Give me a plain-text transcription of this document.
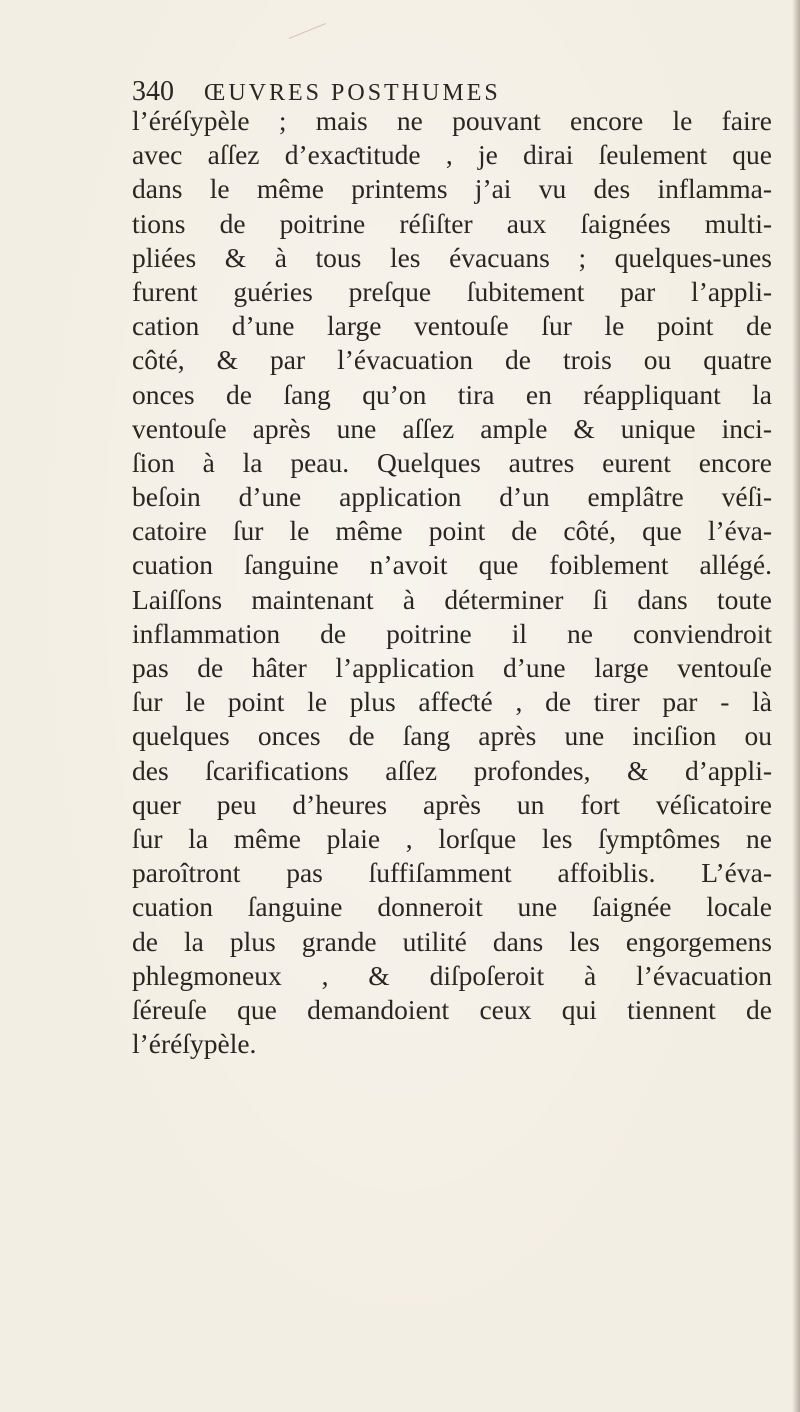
340 ŒUVRES POSTHUMES
l’éréſypèle ; mais ne pouvant encore le faire
avec aſſez d’exaƈtitude , je dirai ſeulement que
dans le même printems j’ai vu des inflamma-
tions de poitrine réſiſter aux ſaignées multi-
pliées & à tous les évacuans ; quelques-unes
furent guéries preſque ſubitement par l’appli-
cation d’une large ventouſe ſur le point de
côté, & par l’évacuation de trois ou quatre
onces de ſang qu’on tira en réappliquant la
ventouſe après une aſſez ample & unique inci-
ſion à la peau. Quelques autres eurent encore
beſoin d’une application d’un emplâtre véſi-
catoire ſur le même point de côté, que l’éva-
cuation ſanguine n’avoit que foiblement allégé.
Laiſſons maintenant à déterminer ſi dans toute
inflammation de poitrine il ne conviendroit
pas de hâter l’application d’une large ventouſe
ſur le point le plus affeƈté , de tirer par - là
quelques onces de ſang après une inciſion ou
des ſcarifications aſſez profondes, & d’appli-
quer peu d’heures après un fort véſicatoire
ſur la même plaie , lorſque les ſymptômes ne
paroîtront pas ſuffiſamment affoiblis. L’éva-
cuation ſanguine donneroit une ſaignée locale
de la plus grande utilité dans les engorgemens
phlegmoneux , & diſpoſeroit à l’évacuation
ſéreuſe que demandoient ceux qui tiennent de
l’éréſypèle.
